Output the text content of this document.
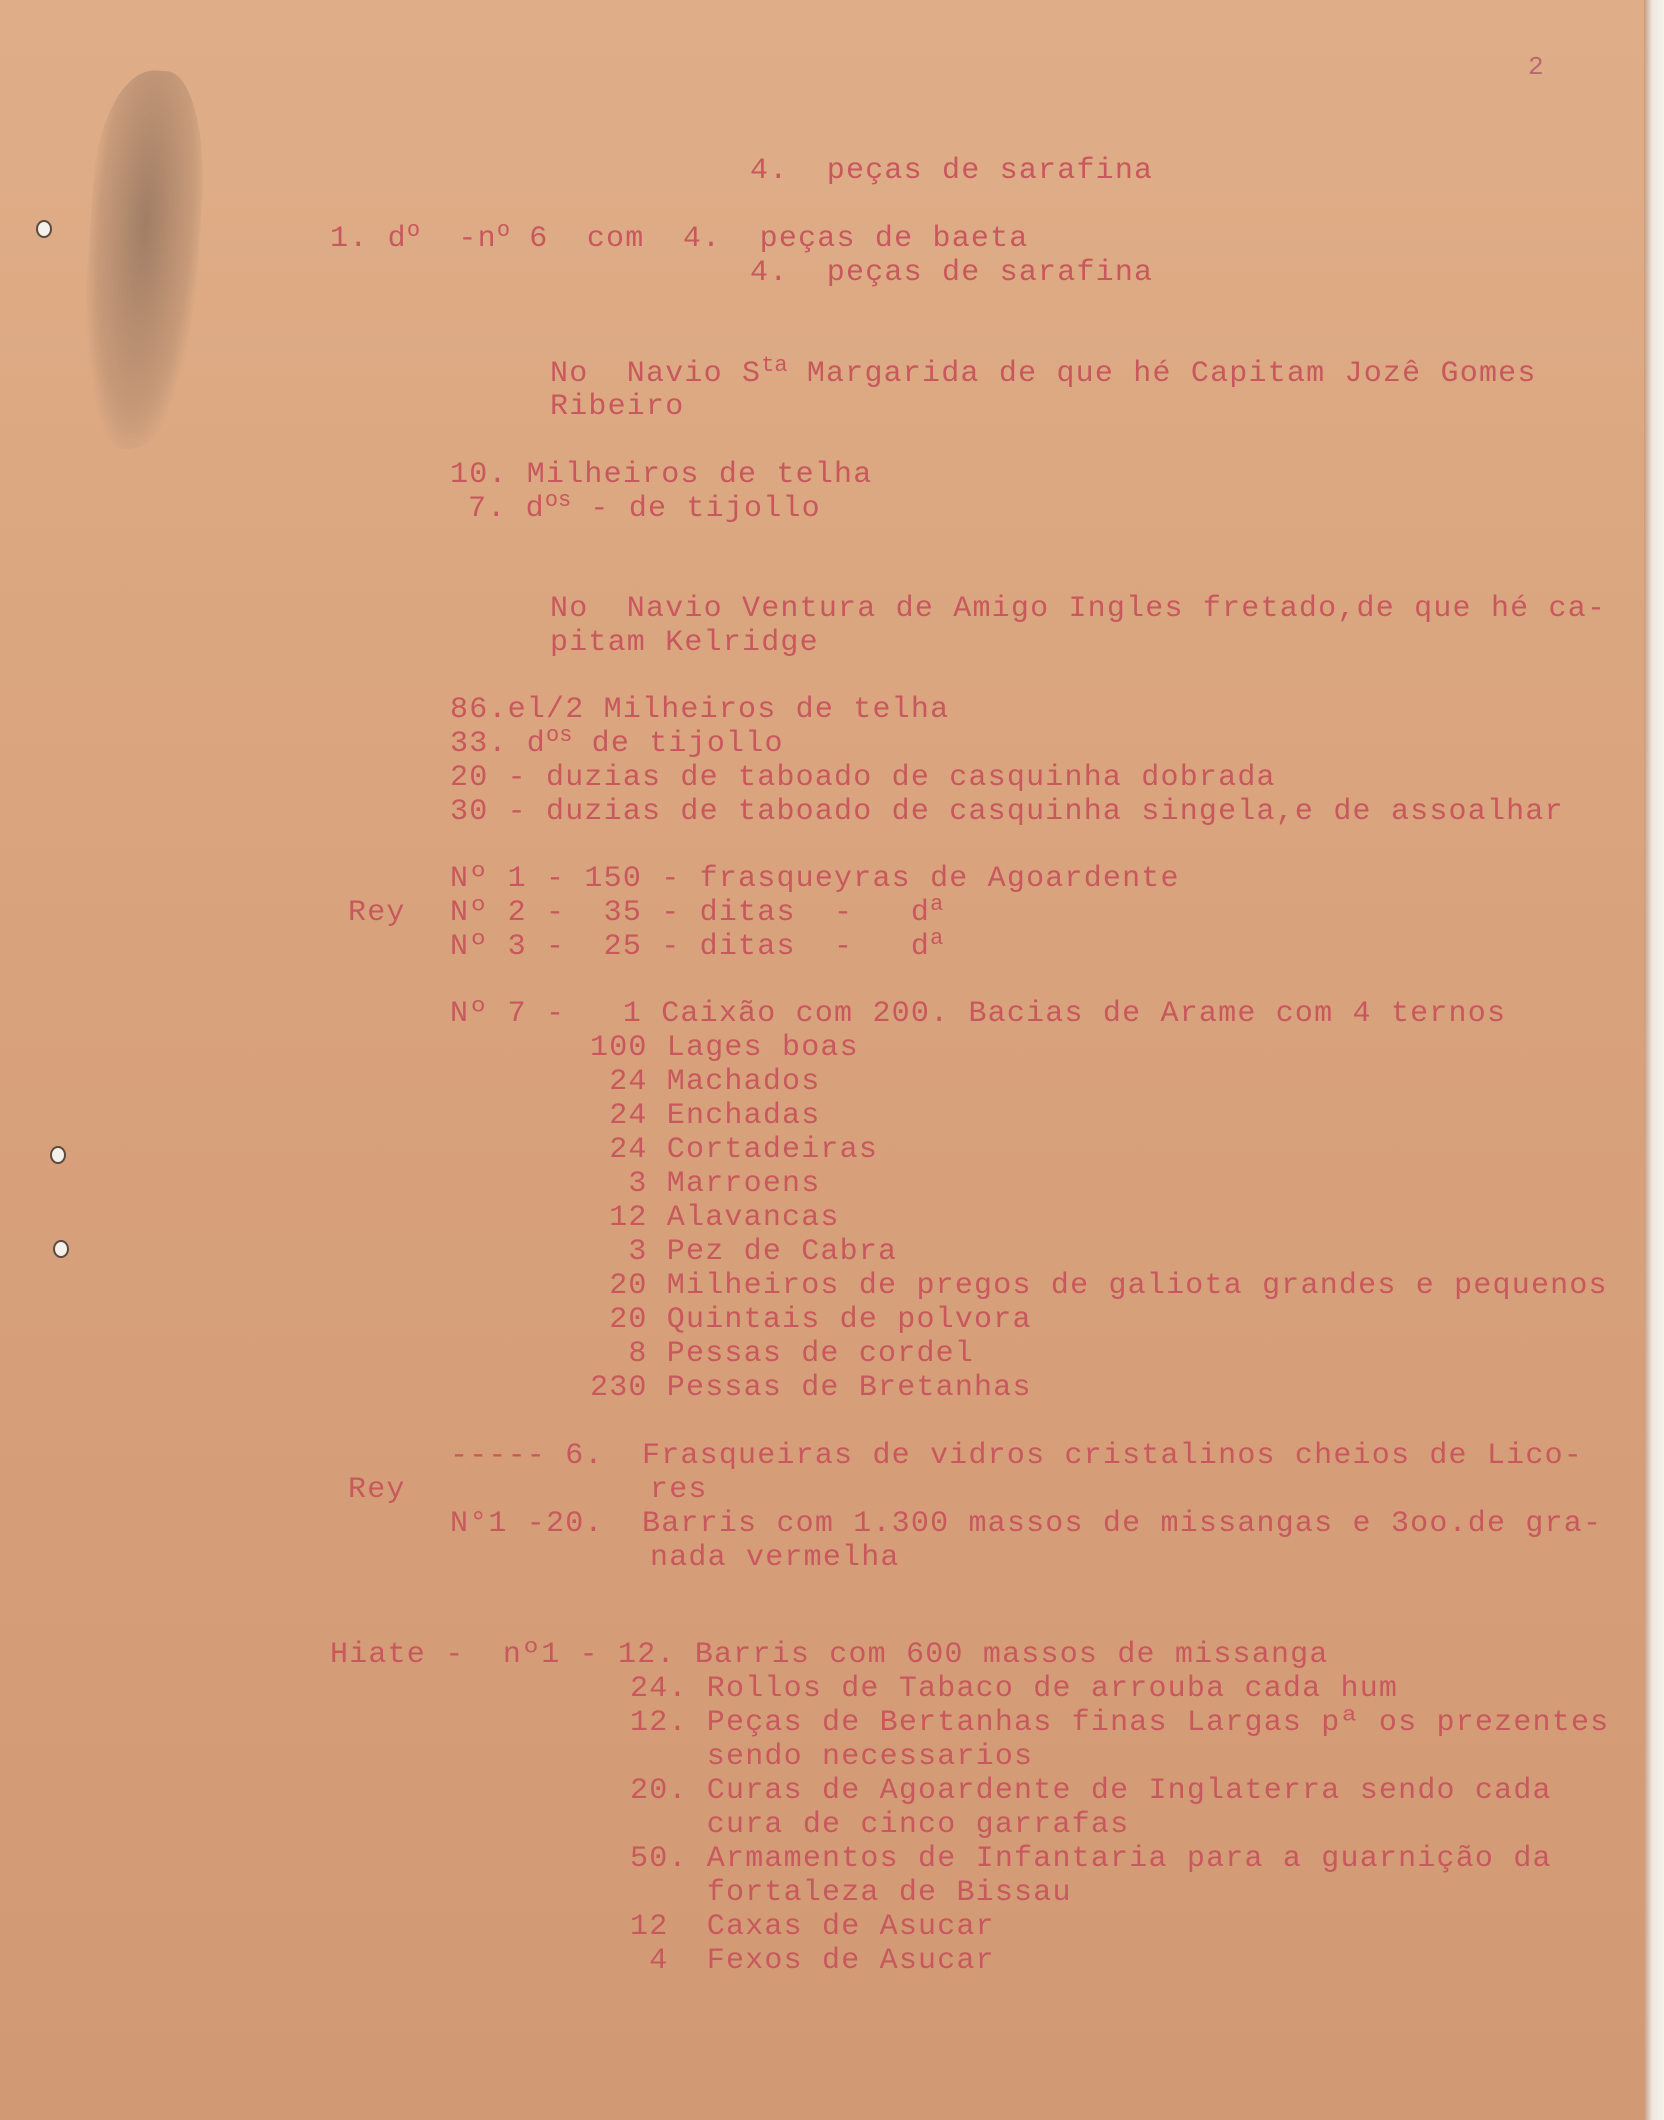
2
4.  peças de sarafina
1. $d^o$  $-n^o$ 6  com  4.  peças de baeta
4.  peças de sarafina
No  Navio $S^{ta}$ Margarida de que hé Capitam Jozê Gomes
Ribeiro
10. Milheiros de telha
7. $d^{os}$ - de tijollo
No  Navio Ventura de Amigo Ingles fretado,de que hé ca-
pitam Kelridge
86.el/2 Milheiros de telha
33. $d^{os}$ de tijollo
20 - duzias de taboado de casquinha dobrada
30 - duzias de taboado de casquinha singela,e de assoalhar
Nº 1 - 150 - frasqueyras de Agoardente
Rey Nº 2 -  35 - ditas  -   $d^a$
Nº 3 -  25 - ditas  -   $d^a$
Nº 7 -   1 Caixão com 200. Bacias de Arame com 4 ternos
100 Lages boas
24 Machados
24 Enchadas
24 Cortadeiras
3 Marroens
12 Alavancas
3 Pez de Cabra
20 Milheiros de pregos de galiota grandes e pequenos
20 Quintais de polvora
8 Pessas de cordel
230 Pessas de Bretanhas
----- 6.  Frasqueiras de vidros cristalinos cheios de Lico-
res
Rey
N°1 -20.  Barris com 1.300 massos de missangas e 3oo.de gra-
nada vermelha
Hiate -  nº1 - 12. Barris com 600 massos de missanga
24. Rollos de Tabaco de arrouba cada hum
12. Peças de Bertanhas finas Largas pª os prezentes
sendo necessarios
20. Curas de Agoardente de Inglaterra sendo cada
cura de cinco garrafas
50. Armamentos de Infantaria para a guarnição da
fortaleza de Bissau
12  Caxas de Asucar
4  Fexos de Asucar
